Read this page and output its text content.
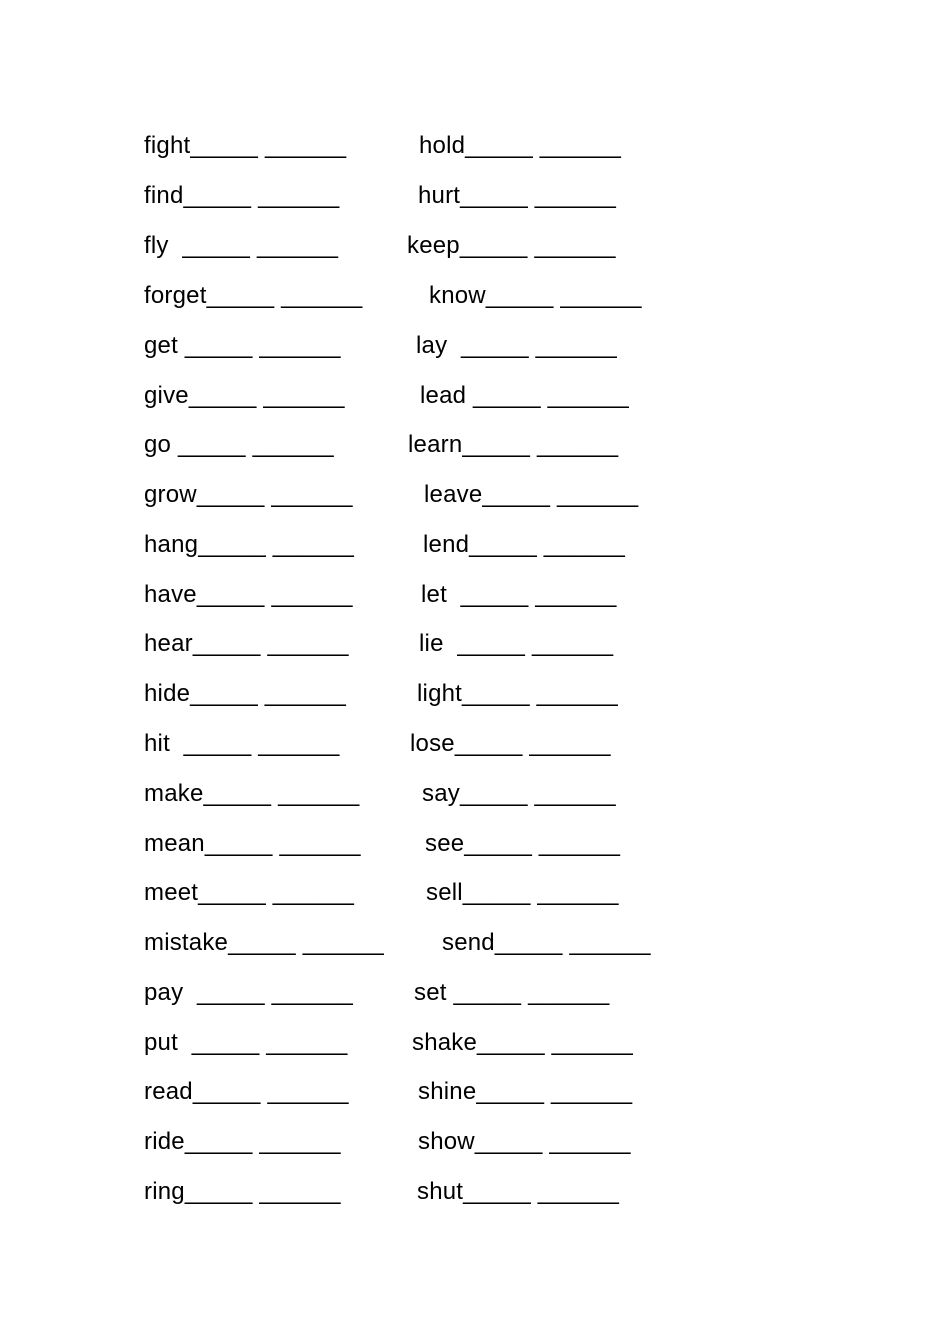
fight_____ ______	hold_____ ______
find_____ ______	hurt_____ ______
fly  _____ ______	keep_____ ______
forget_____ ______	know_____ ______
get _____ ______	lay  _____ ______
give_____ ______	lead _____ ______
go _____ ______	learn_____ ______
grow_____ ______	leave_____ ______
hang_____ ______	lend_____ ______
have_____ ______	let  _____ ______
hear_____ ______	lie  _____ ______
hide_____ ______	light_____ ______
hit  _____ ______	lose_____ ______
make_____ ______	say_____ ______
mean_____ ______	see_____ ______
meet_____ ______	sell_____ ______
mistake_____ ______ send_____ ______
pay  _____ ______	set _____ ______
put  _____ ______	shake_____ ______
read_____ ______	shine_____ ______
ride_____ ______	show_____ ______
ring_____ ______	shut_____ ______
